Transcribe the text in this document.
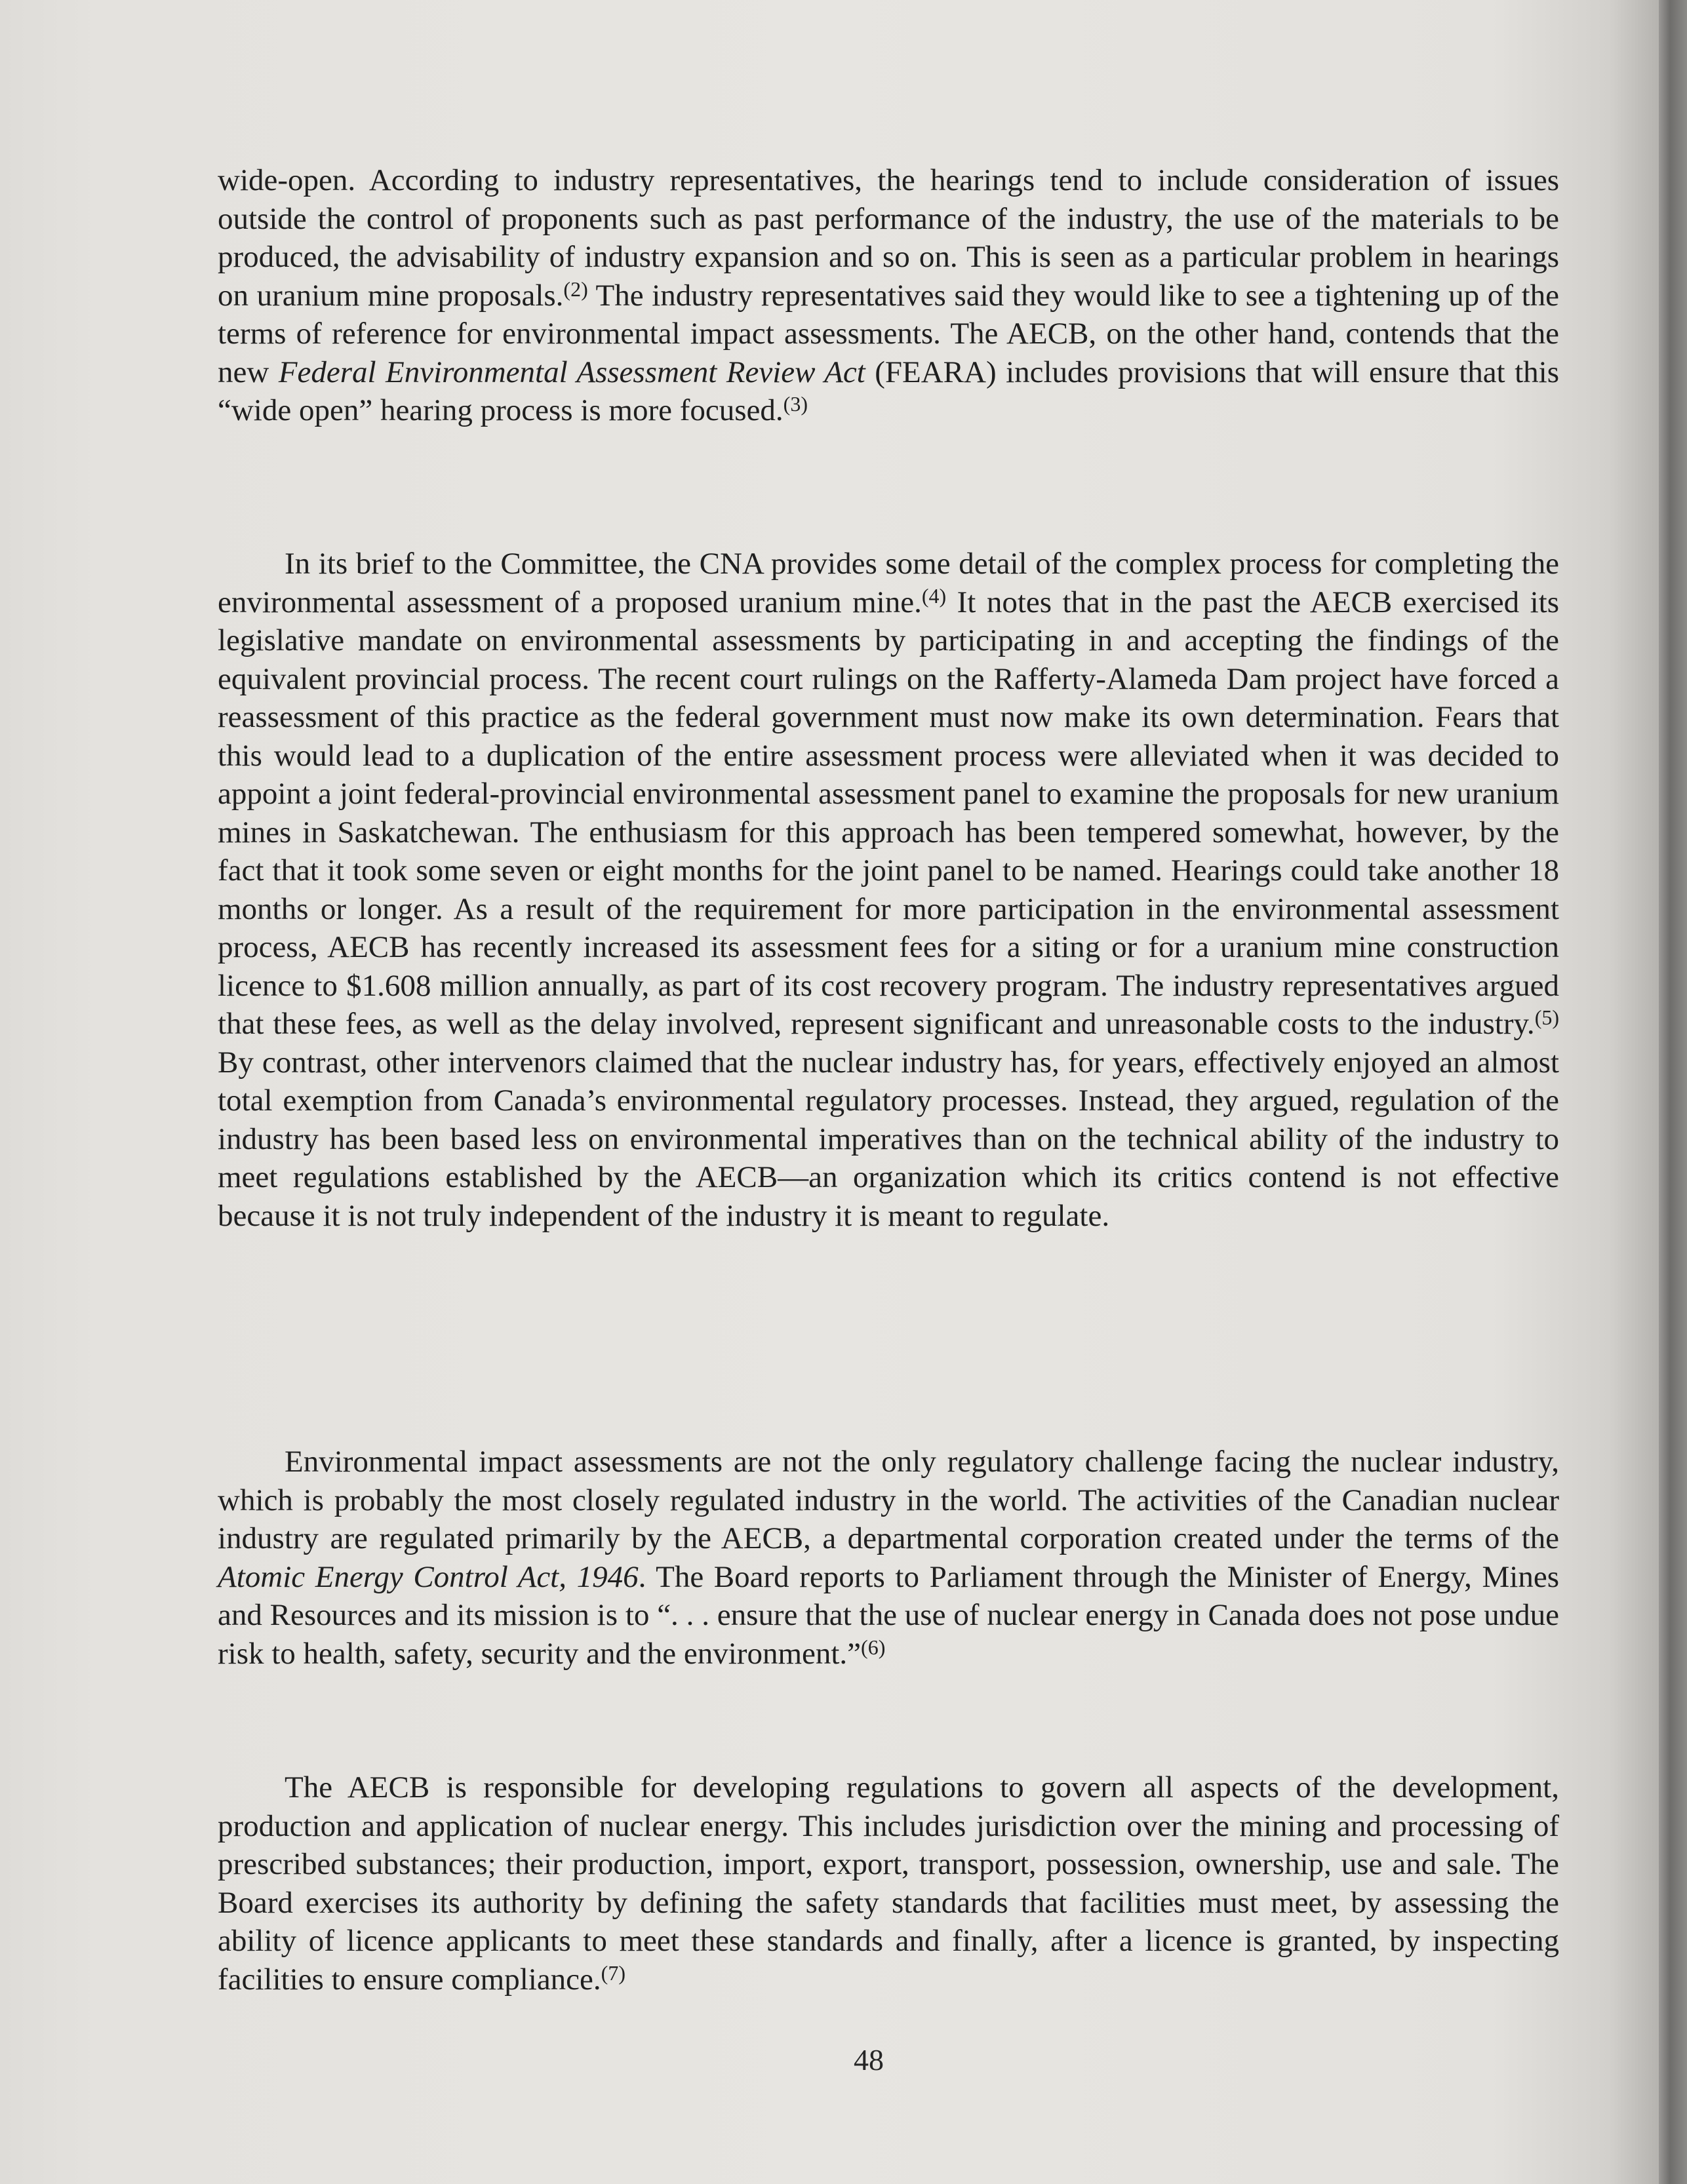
wide-open. According to industry representatives, the hearings tend to include consideration of issues outside the control of proponents such as past performance of the industry, the use of the materials to be produced, the advisability of industry expansion and so on. This is seen as a particular problem in hearings on uranium mine proposals.$^{(2)}$ The industry representatives said they would like to see a tightening up of the terms of reference for environmental impact assessments. The AECB, on the other hand, contends that the new Federal Environmental Assessment Review Act (FEARA) includes provisions that will ensure that this “wide open” hearing process is more focused.$^{(3)}$

In its brief to the Committee, the CNA provides some detail of the complex process for completing the environmental assessment of a proposed uranium mine.$^{(4)}$ It notes that in the past the AECB exercised its legislative mandate on environmental assessments by participating in and accepting the findings of the equivalent provincial process. The recent court rulings on the Rafferty-Alameda Dam project have forced a reassessment of this practice as the federal government must now make its own determination. Fears that this would lead to a duplication of the entire assessment process were alleviated when it was decided to appoint a joint federal-provincial environmental assessment panel to examine the proposals for new uranium mines in Saskatchewan. The enthusiasm for this approach has been tempered somewhat, however, by the fact that it took some seven or eight months for the joint panel to be named. Hearings could take another 18 months or longer. As a result of the requirement for more participation in the environmental assessment process, AECB has recently increased its assessment fees for a siting or for a uranium mine construction licence to $1.608 million annually, as part of its cost recovery program. The industry representatives argued that these fees, as well as the delay involved, represent significant and unreasonable costs to the industry.$^{(5)}$ By contrast, other intervenors claimed that the nuclear industry has, for years, effectively enjoyed an almost total exemption from Canada’s environmental regulatory processes. Instead, they argued, regulation of the industry has been based less on environmental imperatives than on the technical ability of the industry to meet regulations established by the AECB—an organization which its critics contend is not effective because it is not truly independent of the industry it is meant to regulate.

Environmental impact assessments are not the only regulatory challenge facing the nuclear industry, which is probably the most closely regulated industry in the world. The activities of the Canadian nuclear industry are regulated primarily by the AECB, a departmental corporation created under the terms of the Atomic Energy Control Act, 1946. The Board reports to Parliament through the Minister of Energy, Mines and Resources and its mission is to “. . . ensure that the use of nuclear energy in Canada does not pose undue risk to health, safety, security and the environment.”$^{(6)}$

The AECB is responsible for developing regulations to govern all aspects of the development, production and application of nuclear energy. This includes jurisdiction over the mining and processing of prescribed substances; their production, import, export, transport, possession, ownership, use and sale. The Board exercises its authority by defining the safety standards that facilities must meet, by assessing the ability of licence applicants to meet these standards and finally, after a licence is granted, by inspecting facilities to ensure compliance.$^{(7)}$

48
